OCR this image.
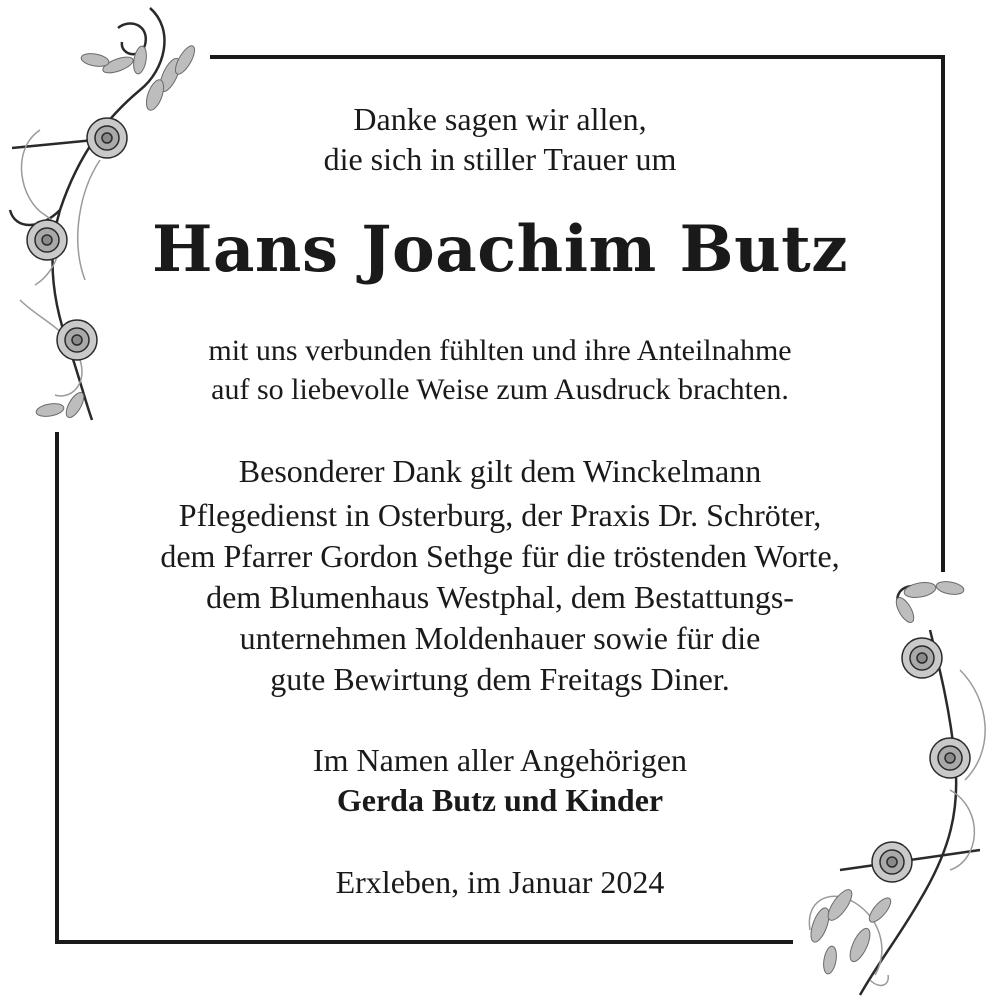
Danke sagen wir allen,

die sich in stiller Trauer um

Hans Joachim Butz

mit uns verbunden fühlten und ihre Anteilnahme

auf so liebevolle Weise zum Ausdruck brachten.

Besonderer Dank gilt dem Winckelmann

Pflegedienst in Osterburg, der Praxis Dr. Schröter,

dem Pfarrer Gordon Sethge für die tröstenden Worte,

dem Blumenhaus Westphal, dem Bestattungs-

unternehmen Moldenhauer sowie für die

gute Bewirtung dem Freitags Diner.

Im Namen aller Angehörigen

Gerda Butz und Kinder

Erxleben, im Januar 2024
